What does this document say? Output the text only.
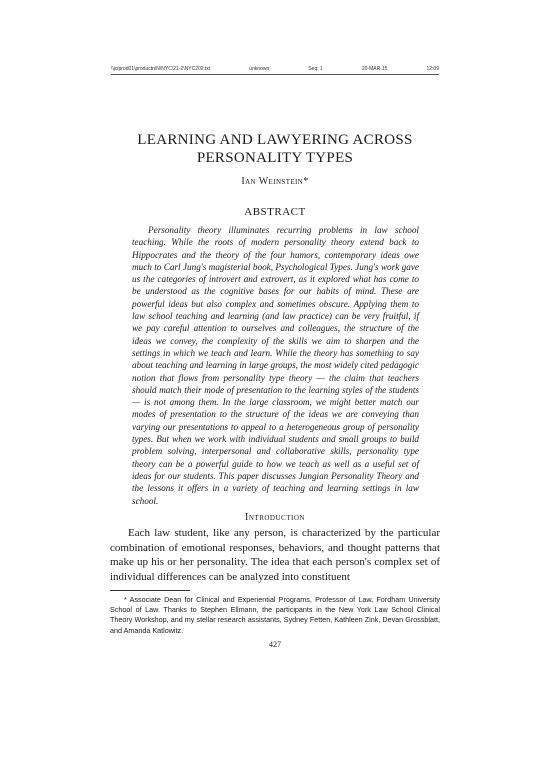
\\jciprod01\productn\N\NYC\21-2\NYC202.txt	unknown	Seq: 1	20-MAR-15	12:09
LEARNING AND LAWYERING ACROSS PERSONALITY TYPES
Ian Weinstein*
ABSTRACT

Personality theory illuminates recurring problems in law school teaching. While the roots of modern personality theory extend back to Hippocrates and the theory of the four humors, contemporary ideas owe much to Carl Jung's magisterial book, Psychological Types. Jung's work gave us the categories of introvert and extrovert, as it explored what has come to be understood as the cognitive bases for our habits of mind. These are powerful ideas but also complex and sometimes obscure. Applying them to law school teaching and learning (and law practice) can be very fruitful, if we pay careful attention to ourselves and colleagues, the structure of the ideas we convey, the complexity of the skills we aim to sharpen and the settings in which we teach and learn. While the theory has something to say about teaching and learning in large groups, the most widely cited pedagogic notion that flows from personality type theory — the claim that teachers should match their mode of presentation to the learning styles of the students — is not among them. In the large classroom, we might better match our modes of presentation to the structure of the ideas we are conveying than varying our presentations to appeal to a heterogeneous group of personality types. But when we work with individual students and small groups to build problem solving, interpersonal and collaborative skills, personality type theory can be a powerful guide to how we teach as well as a useful set of ideas for our students. This paper discusses Jungian Personality Theory and the lessons it offers in a variety of teaching and learning settings in law school.

Introduction

Each law student, like any person, is characterized by the particular combination of emotional responses, behaviors, and thought patterns that make up his or her personality. The idea that each person's complex set of individual differences can be analyzed into constituent

* Associate Dean for Clinical and Experiential Programs, Professor of Law, Fordham University School of Law. Thanks to Stephen Ellmann, the participants in the New York Law School Clinical Theory Workshop, and my stellar research assistants, Sydney Fetten, Kathleen Zink, Devan Grossblatt, and Amanda Katlowitz.

427
